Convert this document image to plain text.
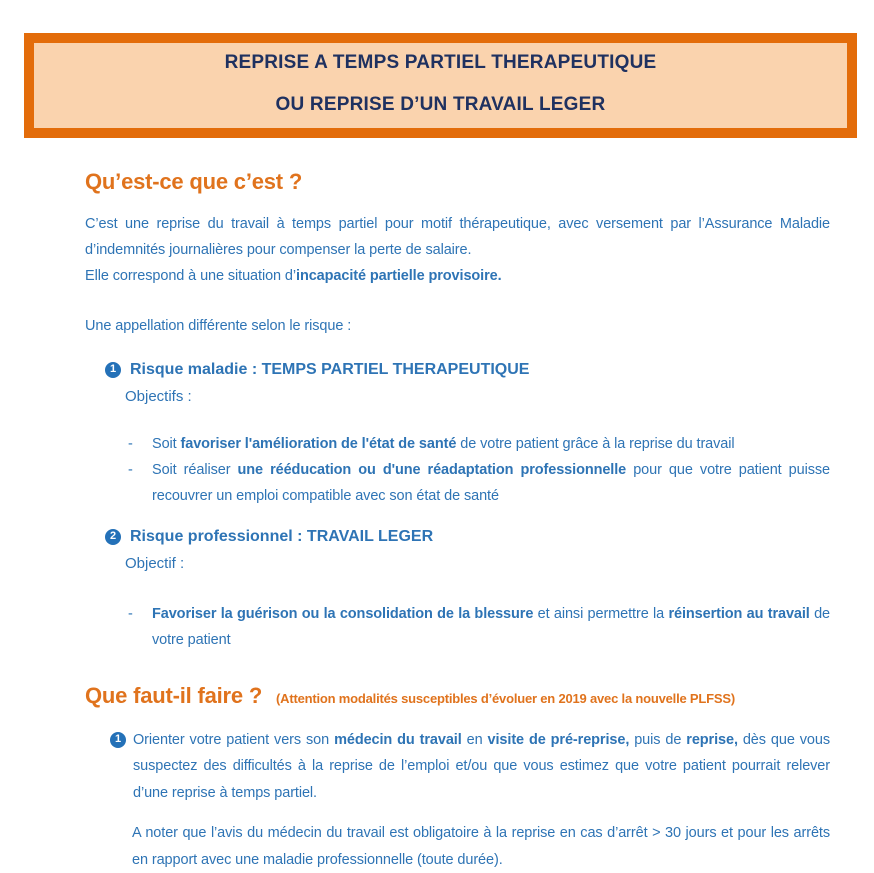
REPRISE A TEMPS PARTIEL THERAPEUTIQUE
OU REPRISE D’UN TRAVAIL LEGER
Qu’est-ce que c’est ?

C’est une reprise du travail à temps partiel pour motif thérapeutique, avec versement par l’Assurance Maladie d’indemnités journalières pour compenser la perte de salaire.

Elle correspond à une situation d’incapacité partielle provisoire.

Une appellation différente selon le risque :

1 Risque maladie : TEMPS PARTIEL THERAPEUTIQUE

Objectifs :

-	Soit favoriser l'amélioration de l'état de santé de votre patient grâce à la reprise du travail
-	Soit réaliser une rééducation ou d'une réadaptation professionnelle pour que votre patient puisse recouvrer un emploi compatible avec son état de santé
2 Risque professionnel : TRAVAIL LEGER

Objectif :

-	Favoriser la guérison ou la consolidation de la blessure et ainsi permettre la réinsertion au travail de votre patient
Que faut-il faire ? (Attention modalités susceptibles d’évoluer en 2019 avec la nouvelle PLFSS)
1 Orienter votre patient vers son médecin du travail en visite de pré-reprise, puis de reprise, dès que vous suspectez des difficultés à la reprise de l’emploi et/ou que vous estimez que votre patient pourrait relever d’une reprise à temps partiel.

A noter que l’avis du médecin du travail est obligatoire à la reprise en cas d’arrêt > 30 jours et pour les arrêts en rapport avec une maladie professionnelle (toute durée).
